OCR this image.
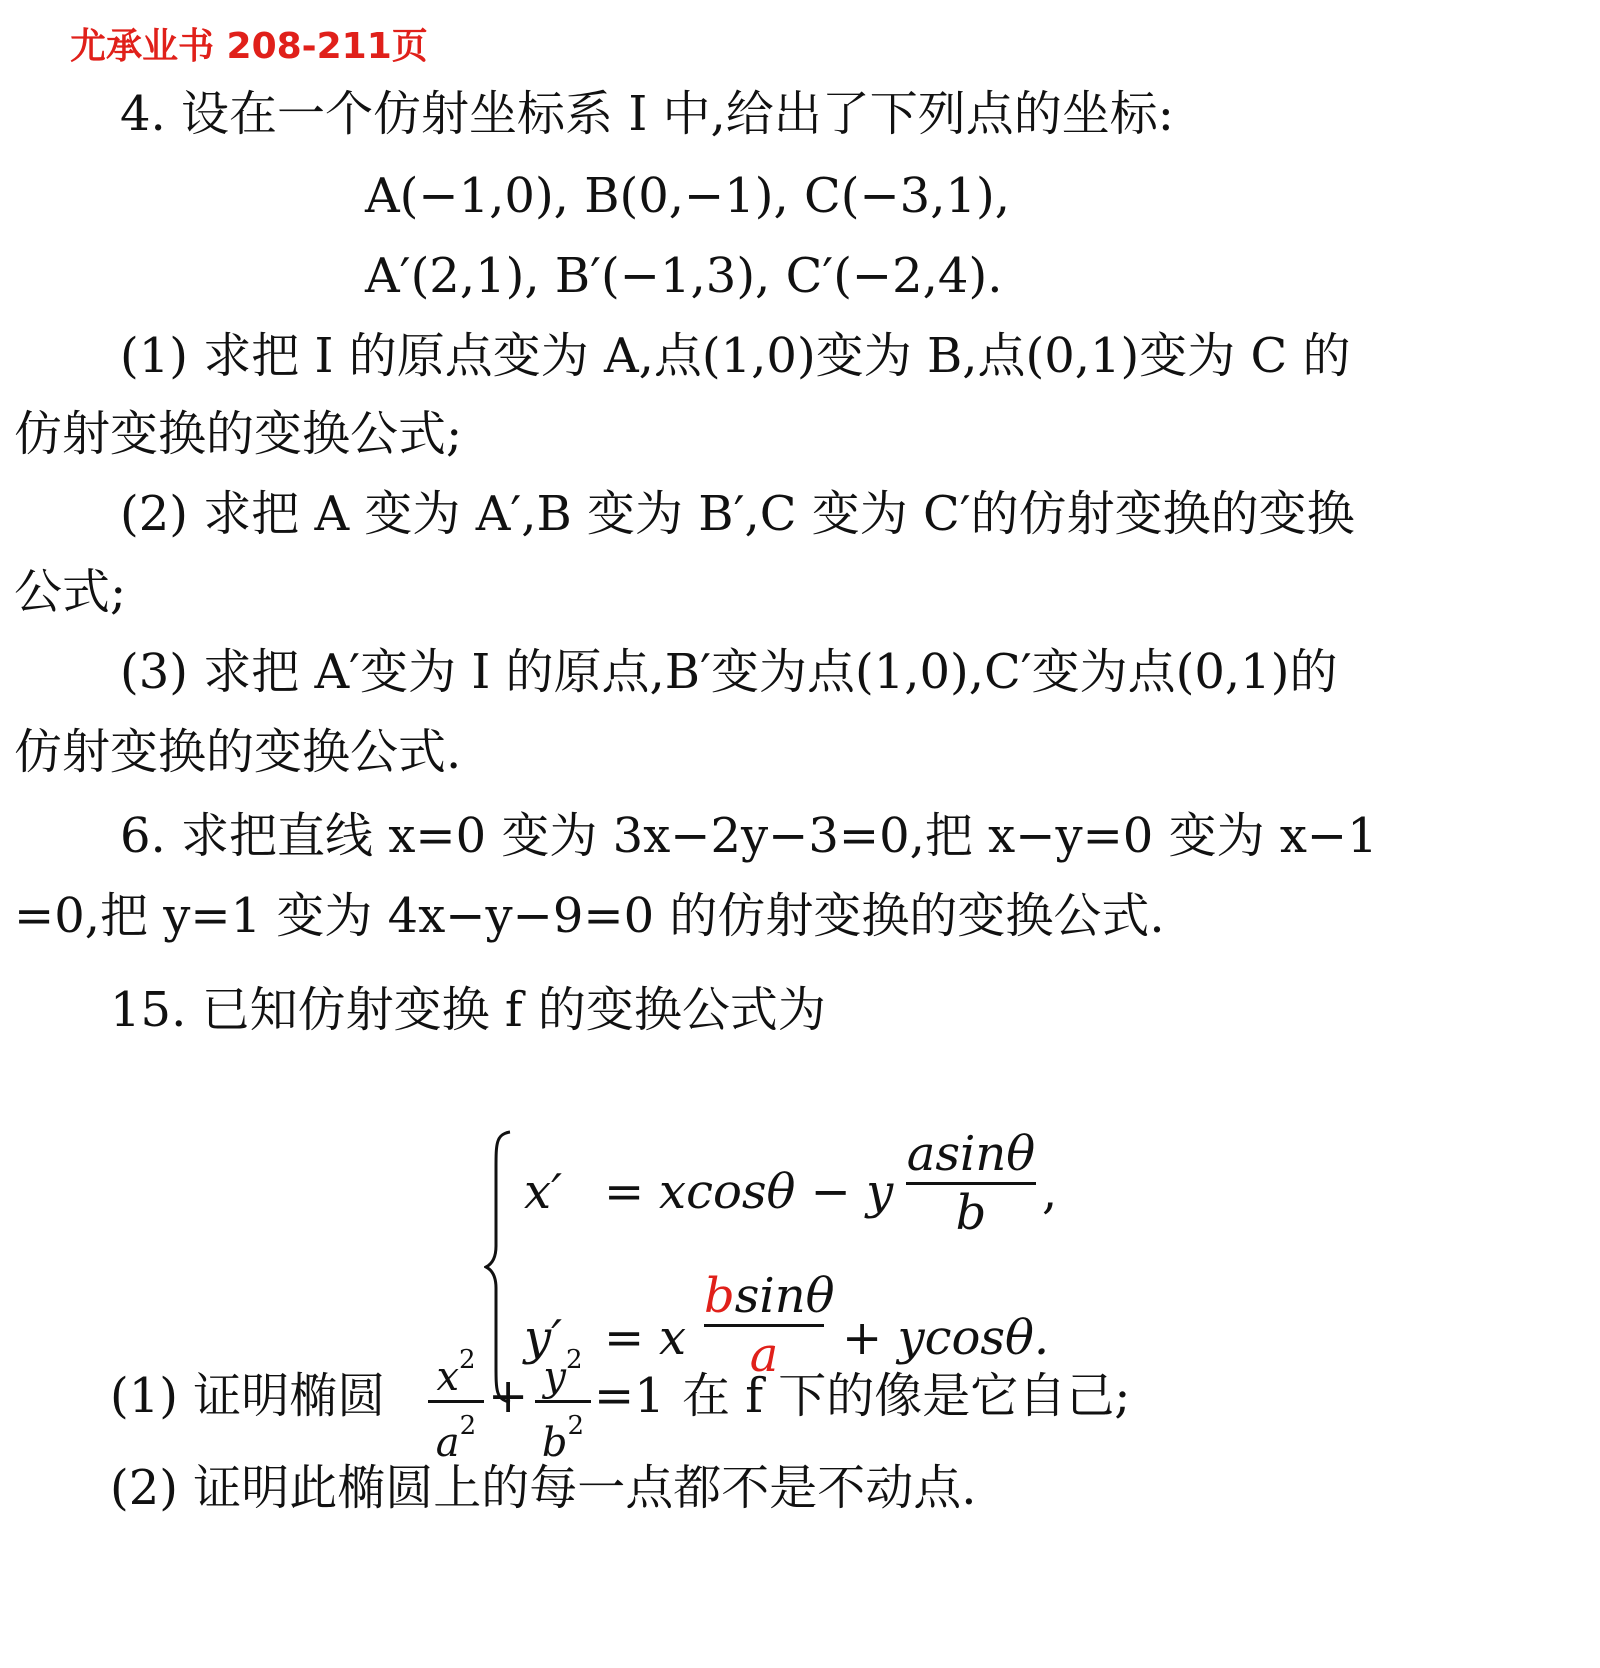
尤承业书 208-211页
4. 设在一个仿射坐标系 I 中,给出了下列点的坐标:
A(−1,0), B(0,−1), C(−3,1),
A′(2,1), B′(−1,3), C′(−2,4).
(1) 求把 I 的原点变为 A,点(1,0)变为 B,点(0,1)变为 C 的
仿射变换的变换公式;
(2) 求把 A 变为 A′,B 变为 B′,C 变为 C′的仿射变换的变换
公式;
(3) 求把 A′变为 I 的原点,B′变为点(1,0),C′变为点(0,1)的
仿射变换的变换公式.
6. 求把直线 x=0 变为 3x−2y−3=0,把 x−y=0 变为 x−1
=0,把 y=1 变为 4x−y−9=0 的仿射变换的变换公式.
15. 已知仿射变换 f 的变换公式为
x′ = xcosθ − y
asinθ
b	,
y′ = x
bsinθ
a	+ ycosθ.
(1) 证明椭圆 $x^2$
$a^2$
+ $y^2$
$b^2$
=1 在 f 下的像是它自己;
(2) 证明此椭圆上的每一点都不是不动点.
